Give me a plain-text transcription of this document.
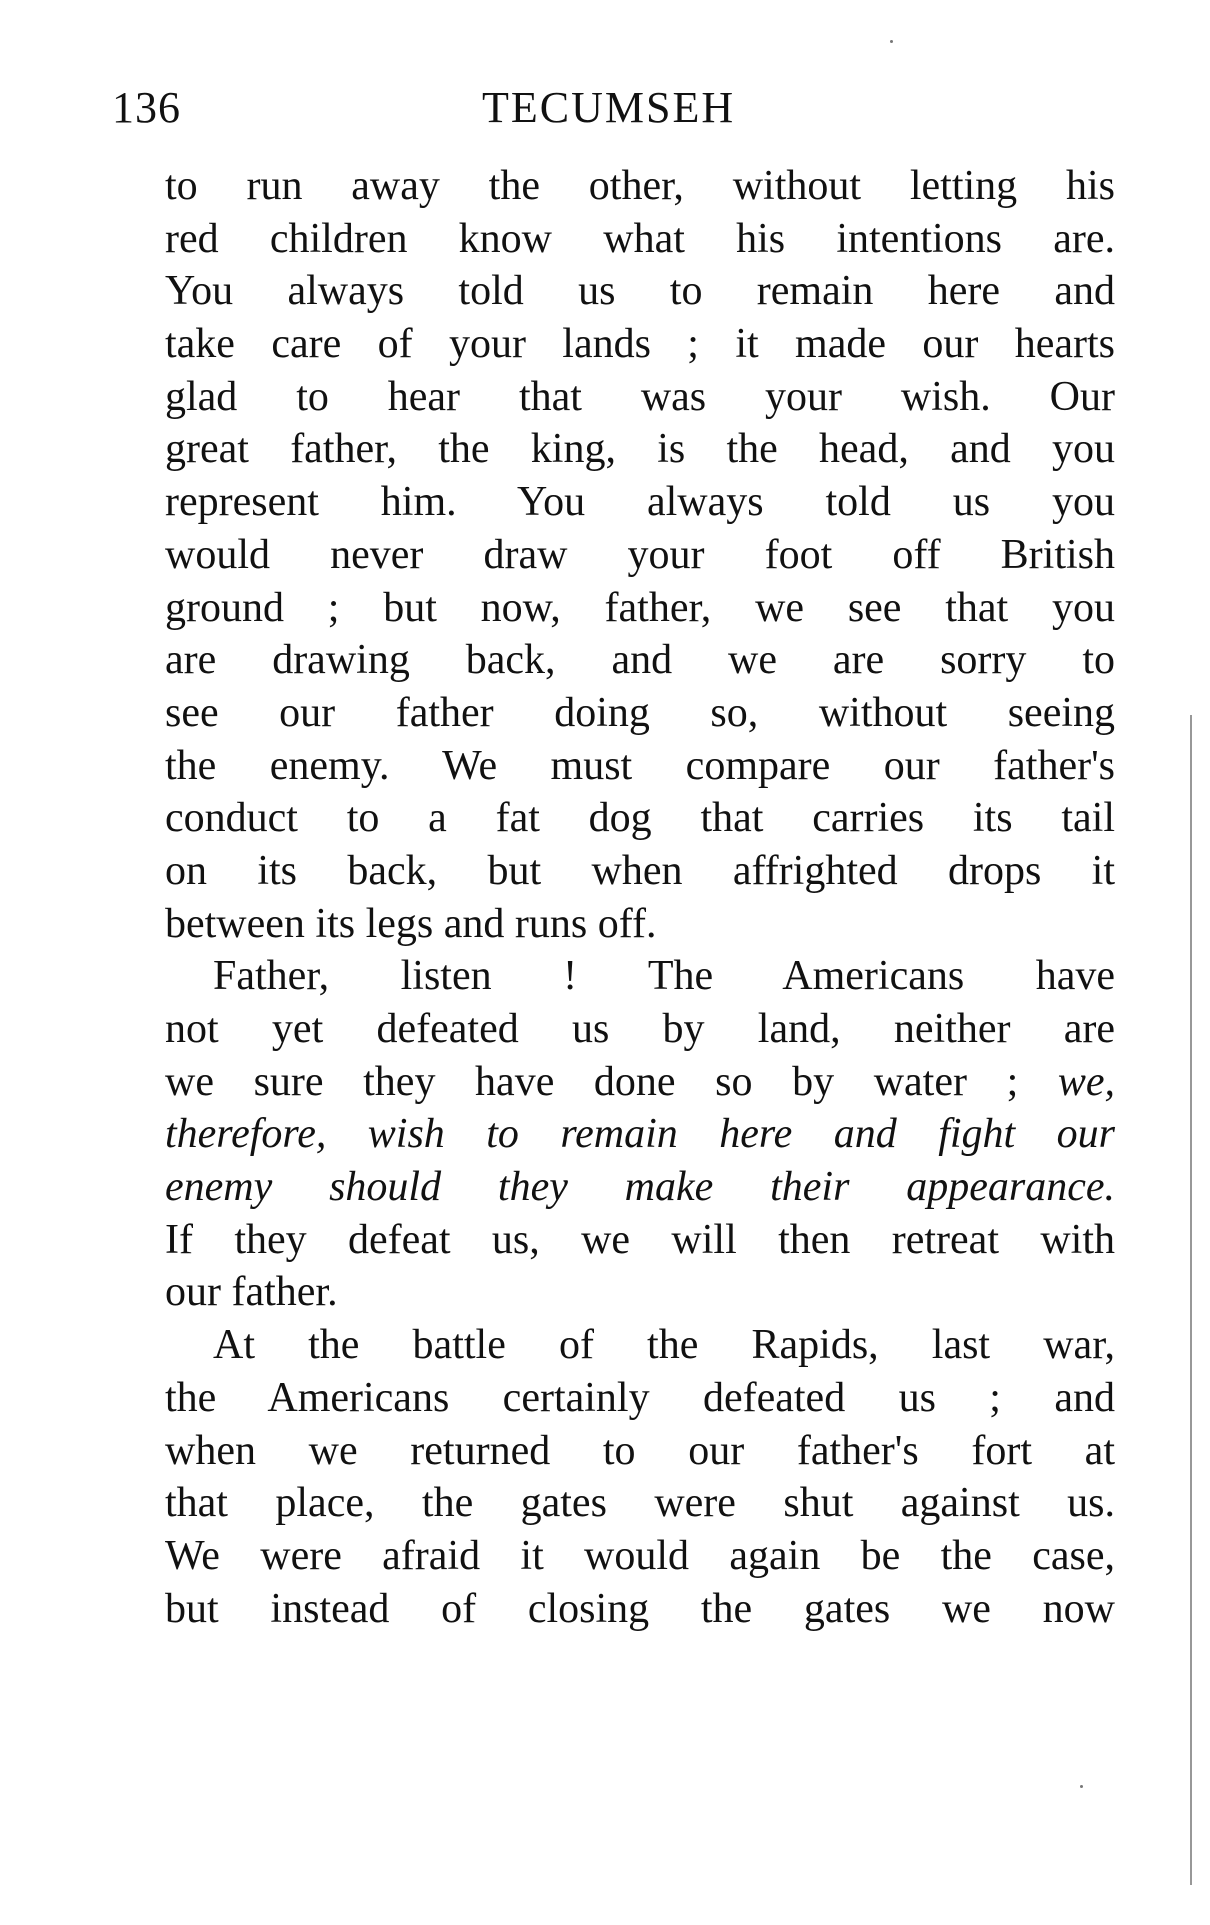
136	TECUMSEH
to run away the other, without letting his
red children know what his intentions are.
You always told us to remain here and
take care of your lands ; it made our hearts
glad to hear that was your wish. Our
great father, the king, is the head, and you
represent him. You always told us you
would never draw your foot off British
ground ; but now, father, we see that you
are drawing back, and we are sorry to
see our father doing so, without seeing
the enemy. We must compare our father's
conduct to a fat dog that carries its tail
on its back, but when affrighted drops it
between its legs and runs off.
Father, listen ! The Americans have
not yet defeated us by land, neither are
we sure they have done so by water ; we,
therefore, wish to remain here and fight our
enemy should they make their appearance.
If they defeat us, we will then retreat with
our father.
At the battle of the Rapids, last war,
the Americans certainly defeated us ; and
when we returned to our father's fort at
that place, the gates were shut against us.
We were afraid it would again be the case,
but instead of closing the gates we now
